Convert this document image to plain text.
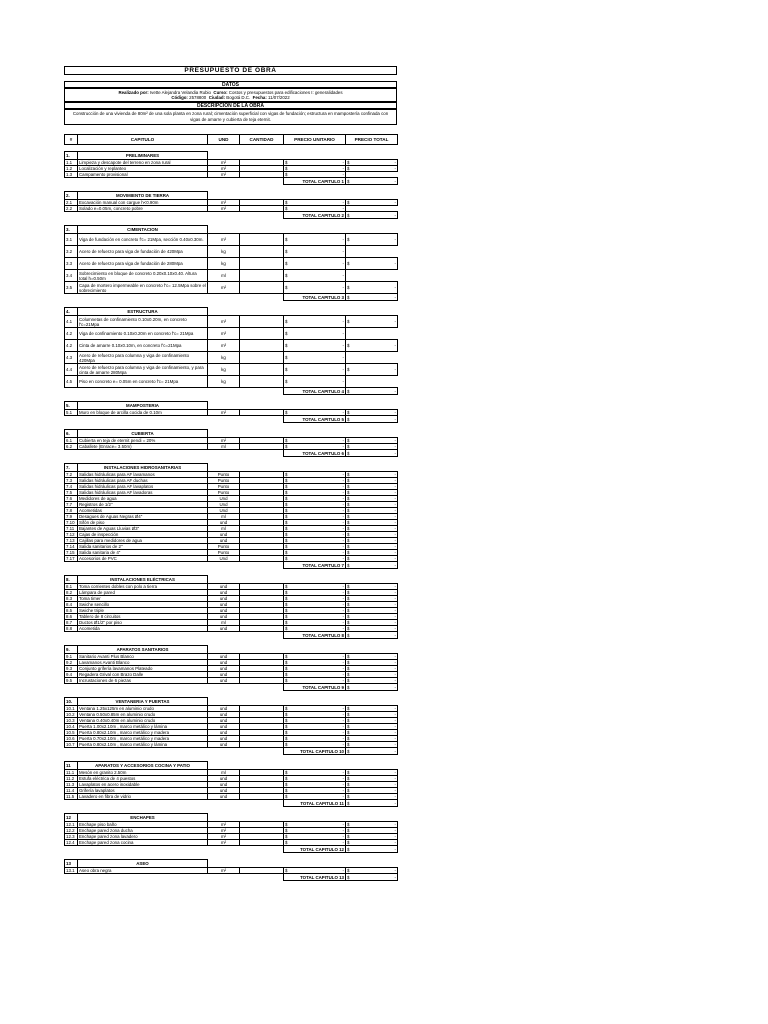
PRESUPUESTO DE OBRA
DATOS
Realizado por: Ivette Alejandra Velandia Rubio Curso: Costos y presupuestos para edificaciones I: generalidades
Código: 2578800 Ciudad: Bogotá D.C. Fecha: 11/07/2022
DESCRIPCION DE LA OBRA
Construcción de una vivienda de 80m² de una sola planta en zona rural; cimentación superficial con vigas de fundación; estructura en mampostería confinada con vigas de amarre y cubierta de teja eternit.
#	CAPITULO	UND	CANTIDAD	PRECIO UNITARIO	PRECIO TOTAL
1.	PRELIMINARES				
1.1	Limpieza y descapote del terreno en zona rural	m²		$ -	$ -

1.2	Localización y replanteo	m²		$ -	$ -

1.3	Campamento provisional	m²		$ -	

				TOTAL CAPITULO 1	$ -
2.	MOVIMIENTO DE TIERRA				
2.1	Excavación manual con cargue h<0.90m	m³		$ -	$ -

2.2	Solado e=0.05m, concreto pobre	m²		$ -	

				TOTAL CAPITULO 2	$ -
3.	CIMENTACION				
3.1	Viga de fundación en concreto f'c= 21Mpa, sección 0.40x0.30m.	m³		$ -	$ -

3.2	Acero de refuerzo para viga de fundación de 420Mpa	kg		$ -	

3.3	Acero de refuerzo para viga de fundación de 280Mpa	kg		$ -	$ -

3.4	Sobrecimiento en bloque de concreto 0.20x0.10x0.40. Altura total h=0.50m	ml		$ -	

3.5	Capa de mortero impermeable en concreto f'c= 12.5Mpa sobre el sobrecimiento	m²		$ -	$ -

				TOTAL CAPITULO 3	$ -
4.	ESTRUCTURA				
4.1	Columnetas de confinamiento 0.10x0.20m, en concreto f'c=21Mpa	m³		$ -	$ -

4.2	Viga de confinamiento 0.10x0.20m en concreto f'c= 21Mpa	m³		$ -	

4.2	Cinta de amarre 0.10x0.10m, en concreto f'c=21Mpa	m³		$ -	$ -

4.3	Acero de refuerzo para columna y viga de confinamiento 420Mpa	kg		$ -	

4.4	Acero de refuerzo para columna y viga de confinamiento, y para cinta de amarre 280Mpa	kg		$ -	$ -

4.5	Piso en concreto e= 0.05m en concreto f'c= 21Mpa	kg		$ -	

				TOTAL CAPITULO 4	$ -
5.	MAMPOSTERIA				
5.1	Muro en bloque de arcilla cocida de 0.10m	m²		$ -	$ -

				TOTAL CAPITULO 5	$ -
6.	CUBIERTA				
6.1	Cubierta en teja de eternit pendi = 20%	m²		$ -	$ -

6.2	Caballete (Enrace= 3.50m)	ml		$ -	$ -

				TOTAL CAPITULO 6	$ -
7.	INSTALACIONES HIDROSANITARIAS				
7.2	Salidas hidráulicas para AF lavamanos	Punto		$ -	$ -

7.3	Salidas hidráulicas para AF duchas	Punto		$ -	$ -

7.4	Salidas hidráulicas para AF lavaplatos	Punto		$ -	$ -

7.5	Salidas hidráulicas para AF lavadoras	Punto		$ -	$ -

7.6	Medidores de agua	Und		$ -	$ -

7.7	Registros de 1/2"	Und		$ -	$ -

7.8	Acometidas	Und		$ -	$ -

7.9	Desagues de Aguas Negras Ø4"	ml		$ -	$ -

7.10	Sifón de piso	und		$ -	$ -

7.11	Bajantes de Aguas Lluvias Ø3"	ml		$ -	$ -

7.12	Cajas de inspección	und		$ -	$ -

7.13	Cajillas para medidores de agua	und		$ -	$ -

7.14	Salida sanitarios de 2"	Punto		$ -	$ -

7.15	Salida sanitaria de 4"	Punto		$ -	$ -

7.17	Accesorios de PVC	Und		$ -	$ -

				TOTAL CAPITULO 7	$ -
8.	INSTALACIONES ELÉCTRICAS				
8.1	Toma corrientes dobles con polo a tierra	und		$ -	$ -

8.2	Lámpara de pared	und		$ -	$ -

8.3	Toma timer	und		$ -	$ -

8.4	Swiche sencillo	und		$ -	$ -

8.5	Swiche triple	und		$ -	$ -

8.6	Tablero de 8 circuitos	und		$ -	$ -

8.7	Ductos Ø1/2" por piso	ml		$ -	$ -

8.8	Acometida	und		$ -	$ -

				TOTAL CAPITULO 8	$ -
9.	APARATOS SANITARIOS				
9.1	Sanitario Avanti Plus Blanco	und		$ -	$ -

9.2	Lavamanos Avanti Blanco	und		$ -	$ -

9.3	Conjunto grifería lavamanos Plateado	und		$ -	$ -

9.4	Regadera Grival con Brazo Dalle	und		$ -	$ -

9.5	Incrustaciones de 6 piezas	und		$ -	$ -

				TOTAL CAPITULO 9	$ -
10.	VENTANERIA Y PUERTAS				
10.1	Ventana 1.25x125m en aluminio crudo	und		$ -	$ -

10.2	Ventana 0.50x0.85m en aluminio crudo	und		$ -	$ -

10.3	Ventana 0.40x0.40m en aluminio crudo	und		$ -	$ -

10.4	Puerta 1.00x2.10m , marco metálico y lámina	und		$ -	$ -

10.5	Puerta 0.80x2.10m , marco metálico y madera	und		$ -	$ -

10.6	Puerta 0.70x2.10m , marco metálico y madera	und		$ -	$ -

10.7	Puerta 0.80x2.10m , marco metálico y lámina	und		$ -	$ -

				TOTAL CAPITULO 10	$ -
11	APARATOS Y ACCESORIOS COCINA Y PATIO				
11.1	Mesón en granito 2.50m	ml		$ -	$ -

11.2	Estufa eléctrica de 4 puestos	und		$ -	$ -

11.3	Lavaplatos en acero inoxidable	und		$ -	$ -

11.4	Grifería lavaplatos	und		$ -	$ -

11.5	Lavadero en fibra de vidrio	und		$ -	$ -

				TOTAL CAPITULO 11	$ -
12	ENCHAPES				
12.1	Enchape piso baño	m²		$ -	$ -

12.2	Enchape pared zona ducha	m²		$ -	$ -

12.3	Enchape pared zona lavadero	m²		$ -	$ -

12.4	Enchape pared zona cocina	m²		$ -	$ -

				TOTAL CAPITULO 12	$ -
13	ASEO				
13.1	Aseo obra negra	m²		$ -	$ -

				TOTAL CAPITULO 13	$ -
